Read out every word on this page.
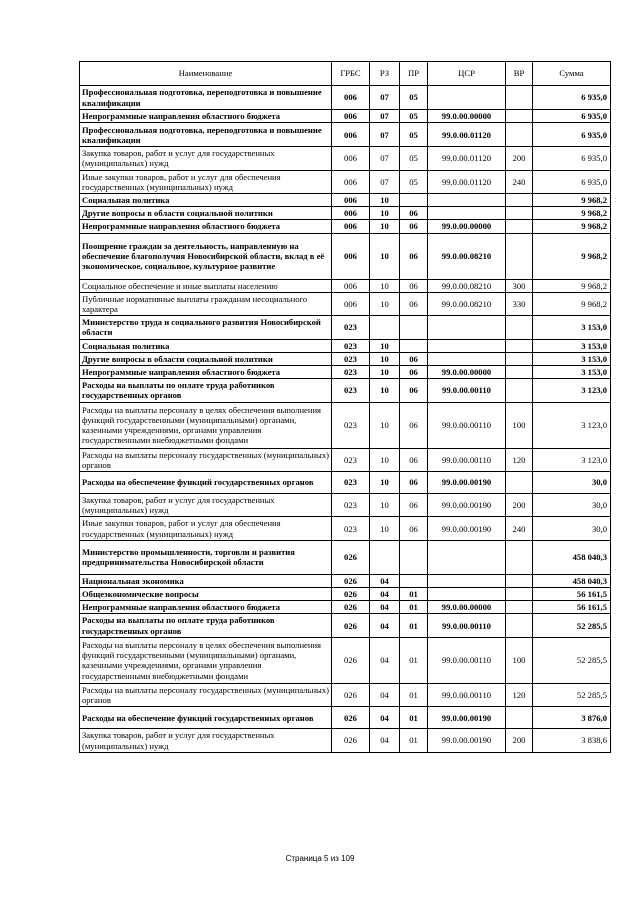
Наименование	ГРБС	РЗ	ПР	ЦСР	ВР	Сумма
Профессиональная подготовка, переподготовка и повышение квалификации	006	07	05			6 935,0
Непрограммные направления областного бюджета	006	07	05	99.0.00.00000		6 935,0
Профессиональная подготовка, переподготовка и повышение квалификации	006	07	05	99.0.00.01120		6 935,0
Закупка товаров, работ и услуг для государственных (муниципальных) нужд	006	07	05	99.0.00.01120	200	6 935,0
Иные закупки товаров, работ и услуг для обеспечения государственных (муниципальных) нужд	006	07	05	99.0.00.01120	240	6 935,0
Социальная политика	006	10				9 968,2
Другие вопросы в области социальной политики	006	10	06			9 968,2
Непрограммные направления областного бюджета	006	10	06	99.0.00.00000		9 968,2
Поощрение граждан за деятельность, направленную на обеспечение благополучия Новосибирской области, вклад в её экономическое, социальное, культурное развитие	006	10	06	99.0.00.08210		9 968,2
Социальное обеспечение и иные выплаты населению	006	10	06	99.0.00.08210	300	9 968,2
Публичные нормативные выплаты гражданам несоциального характера	006	10	06	99.0.00.08210	330	9 968,2
Министерство труда и социального развития Новосибирской области	023					3 153,0
Социальная политика	023	10				3 153,0
Другие вопросы в области социальной политики	023	10	06			3 153,0
Непрограммные направления областного бюджета	023	10	06	99.0.00.00000		3 153,0
Расходы на выплаты по оплате труда работников государственных органов	023	10	06	99.0.00.00110		3 123,0
Расходы на выплаты персоналу в целях обеспечения выполнения функций государственными (муниципальными) органами, казенными учреждениями, органами управления государственными внебюджетными фондами	023	10	06	99.0.00.00110	100	3 123,0
Расходы на выплаты персоналу государственных (муниципальных) органов	023	10	06	99.0.00.00110	120	3 123,0
Расходы на обеспечение функций государственных органов	023	10	06	99.0.00.00190		30,0
Закупка товаров, работ и услуг для государственных (муниципальных) нужд	023	10	06	99.0.00.00190	200	30,0
Иные закупки товаров, работ и услуг для обеспечения государственных (муниципальных) нужд	023	10	06	99.0.00.00190	240	30,0
Министерство промышленности, торговли и развития предпринимательства Новосибирской области	026					458 040,3
Национальная экономика	026	04				458 040,3
Общеэкономические вопросы	026	04	01			56 161,5
Непрограммные направления областного бюджета	026	04	01	99.0.00.00000		56 161,5
Расходы на выплаты по оплате труда работников государственных органов	026	04	01	99.0.00.00110		52 285,5
Расходы на выплаты персоналу в целях обеспечения выполнения функций государственными (муниципальными) органами, казенными учреждениями, органами управления государственными внебюджетными фондами	026	04	01	99.0.00.00110	100	52 285,5
Расходы на выплаты персоналу государственных (муниципальных) органов	026	04	01	99.0.00.00110	120	52 285,5
Расходы на обеспечение функций государственных органов	026	04	01	99.0.00.00190		3 876,0
Закупка товаров, работ и услуг для государственных (муниципальных) нужд	026	04	01	99.0.00.00190	200	3 838,6
Страница 5 из 109
